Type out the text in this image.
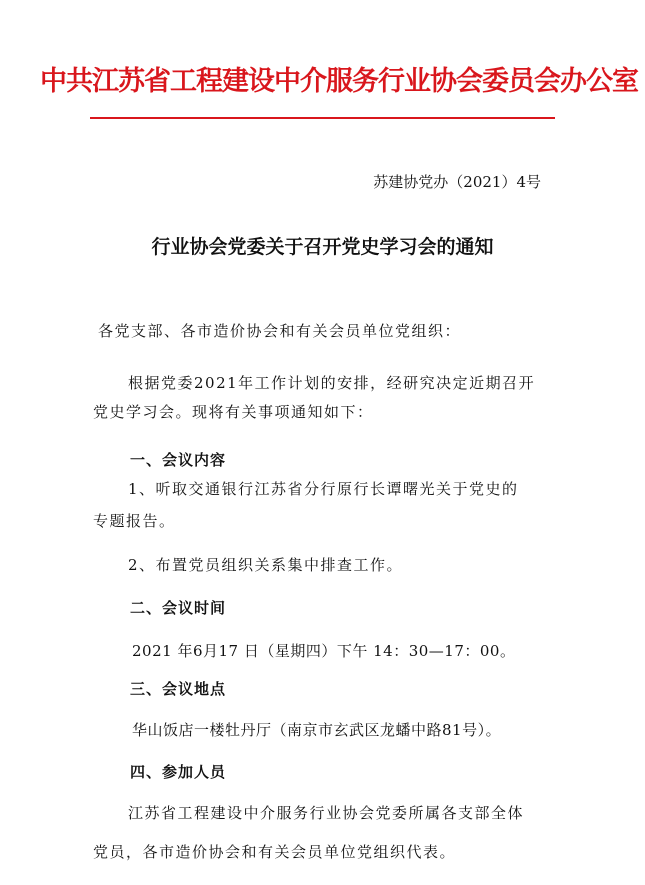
中共江苏省工程建设中介服务行业协会委员会办公室
苏建协党办（2021）4号
行业协会党委关于召开党史学习会的通知
各党支部、各市造价协会和有关会员单位党组织：
根据党委2021年工作计划的安排，经研究决定近期召开
党史学习会。现将有关事项通知如下：
一、会议内容
1、听取交通银行江苏省分行原行长谭曙光关于党史的
专题报告。
2、布置党员组织关系集中排查工作。
二、会议时间
2021 年6月17 日（星期四）下午 14：30—17：00。
三、会议地点
华山饭店一楼牡丹厅（南京市玄武区龙蟠中路81号）。
四、参加人员
江苏省工程建设中介服务行业协会党委所属各支部全体
党员，各市造价协会和有关会员单位党组织代表。
